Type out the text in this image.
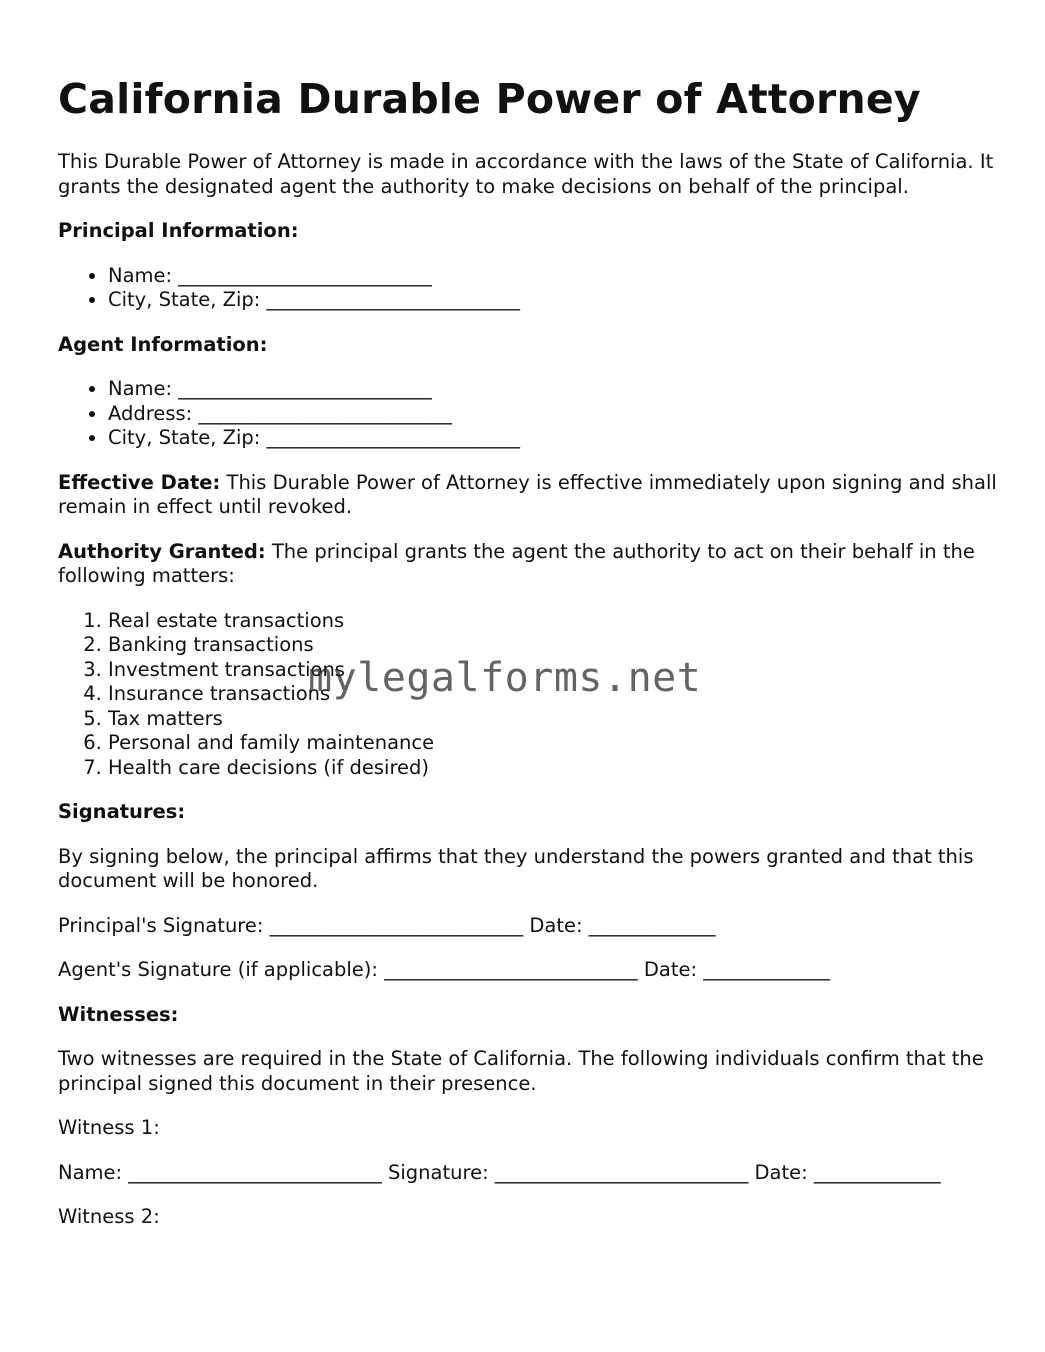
California Durable Power of Attorney

This Durable Power of Attorney is made in accordance with the laws of the State of California. It grants the designated agent the authority to make decisions on behalf of the principal.

Principal Information:

• Name: __________________________
• City, State, Zip: __________________________

Agent Information:

• Name: __________________________
• Address: __________________________
• City, State, Zip: __________________________

Effective Date: This Durable Power of Attorney is effective immediately upon signing and shall remain in effect until revoked.

Authority Granted: The principal grants the agent the authority to act on their behalf in the following matters:

1. Real estate transactions
2. Banking transactions
3. Investment transactions
4. Insurance transactions
5. Tax matters
6. Personal and family maintenance
7. Health care decisions (if desired)

Signatures:

By signing below, the principal affirms that they understand the powers granted and that this document will be honored.

Principal's Signature: __________________________ Date: _____________

Agent's Signature (if applicable): __________________________ Date: _____________

Witnesses:

Two witnesses are required in the State of California. The following individuals confirm that the principal signed this document in their presence.

Witness 1:

Name: __________________________ Signature: __________________________ Date: _____________

Witness 2:

mylegalforms.net
